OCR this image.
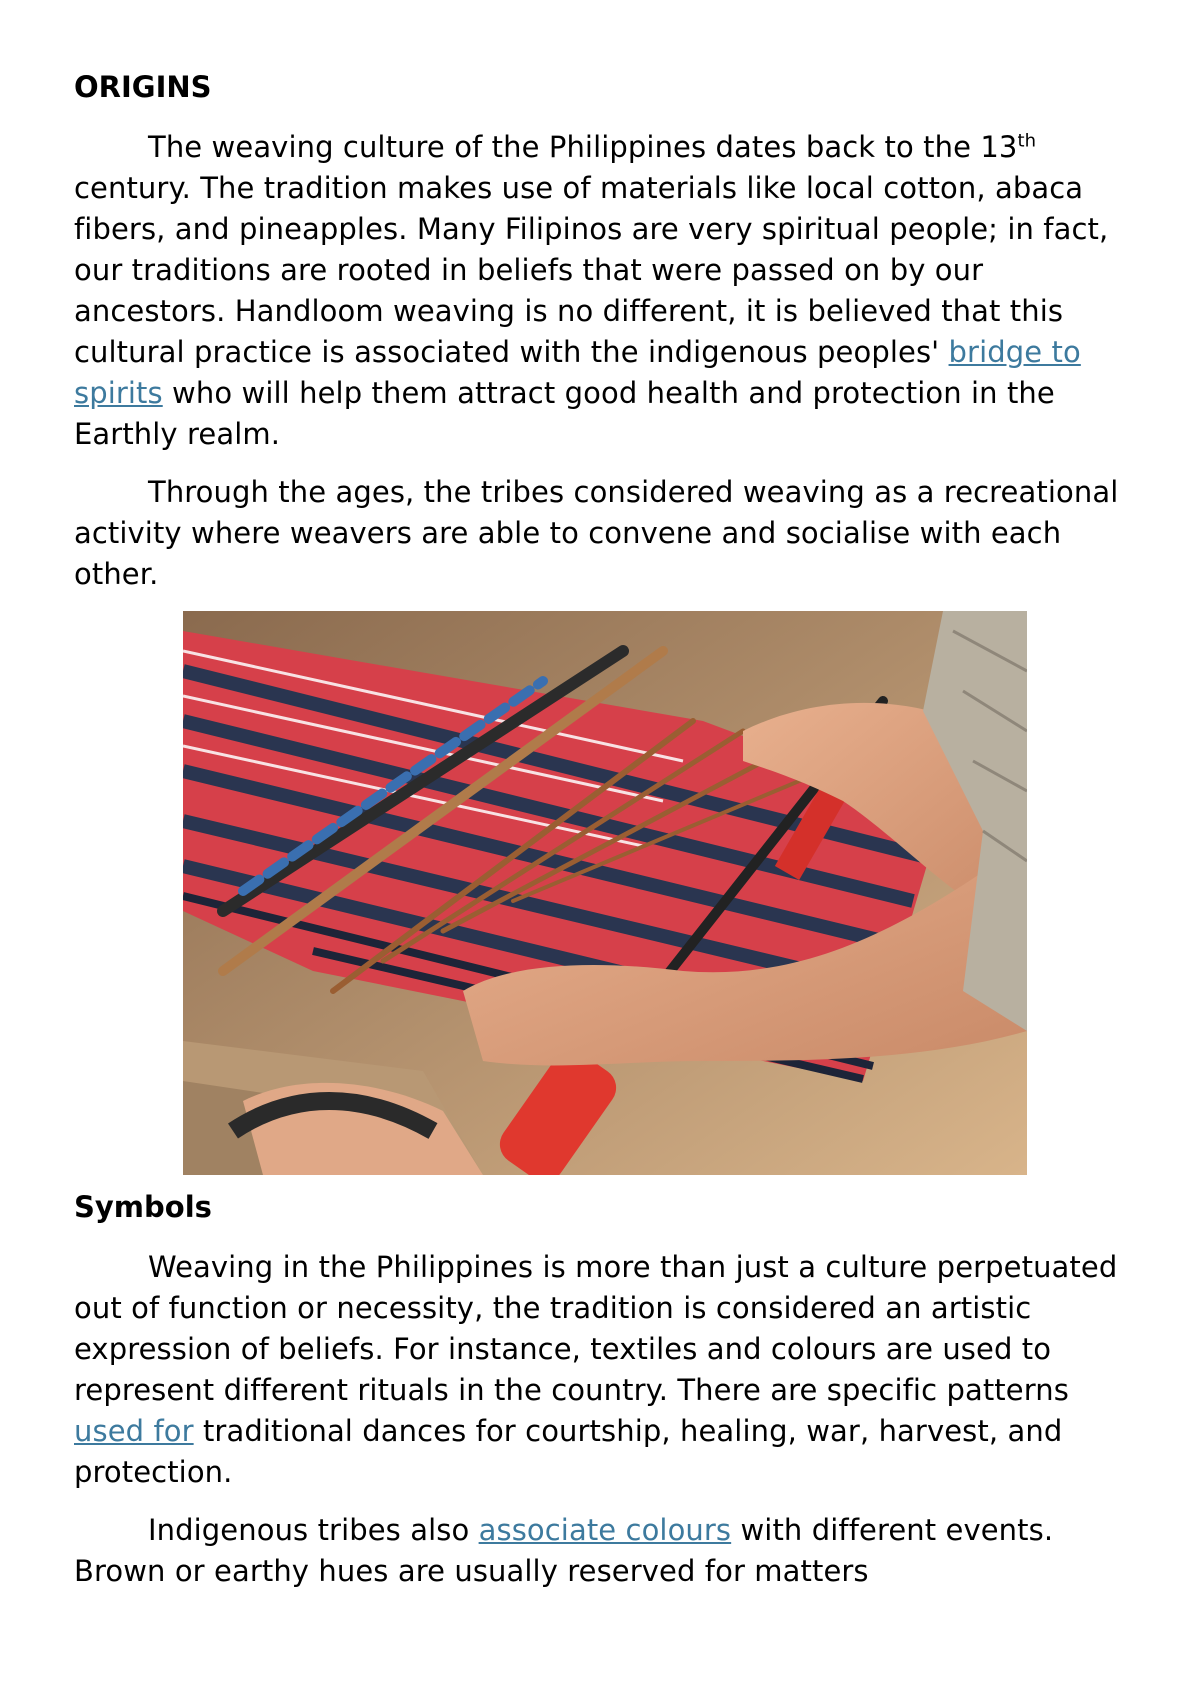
ORIGINS

The weaving culture of the Philippines dates back to the 13th century. The tradition makes use of materials like local cotton, abaca fibers, and pineapples. Many Filipinos are very spiritual people; in fact, our traditions are rooted in beliefs that were passed on by our ancestors. Handloom weaving is no different, it is believed that this cultural practice is associated with the indigenous peoples' bridge to spirits who will help them attract good health and protection in the Earthly realm.

Through the ages, the tribes considered weaving as a recreational activity where weavers are able to convene and socialise with each other.

Symbols

Weaving in the Philippines is more than just a culture perpetuated out of function or necessity, the tradition is considered an artistic expression of beliefs. For instance, textiles and colours are used to represent different rituals in the country. There are specific patterns used for traditional dances for courtship, healing, war, harvest, and protection.

Indigenous tribes also associate colours with different events. Brown or earthy hues are usually reserved for matters
